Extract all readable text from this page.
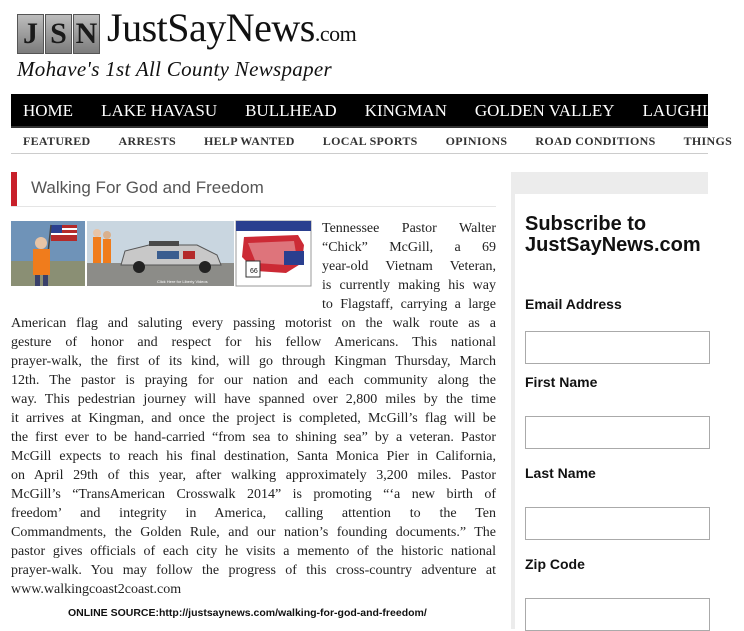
J S N JustSayNews.com
Mohave's 1st All County Newspaper
HOME LAKE HAVASU BULLHEAD KINGMAN GOLDEN VALLEY LAUGHLIN
FEATURED ARRESTS HELP WANTED LOCAL SPORTS OPINIONS ROAD CONDITIONS THINGS
Walking For God and Freedom
Click Here for Liberty Videos
66
Tennessee Pastor Walter
“Chick” McGill, a 69
year-old Vietnam Veteran,
is currently making his way
to Flagstaff, carrying a large
American flag and saluting every passing motorist on the walk route as a
gesture of honor and respect for his fellow Americans. This national
prayer-walk, the first of its kind, will go through Kingman Thursday, March
12th. The pastor is praying for our nation and each community along the
way. This pedestrian journey will have spanned over 2,800 miles by the time
it arrives at Kingman, and once the project is completed, McGill’s flag will be
the first ever to be hand-carried “from sea to shining sea” by a veteran. Pastor
McGill expects to reach his final destination, Santa Monica Pier in California,
on April 29th of this year, after walking approximately 3,200 miles. Pastor
McGill’s “TransAmerican Crosswalk 2014” is promoting “‘a new birth of
freedom’ and integrity in America, calling attention to the Ten
Commandments, the Golden Rule, and our nation’s founding documents.” The
pastor gives officials of each city he visits a memento of the historic national
prayer-walk. You may follow the progress of this cross-country adventure at
www.walkingcoast2coast.com
ONLINE SOURCE:http://justsaynews.com/walking-for-god-and-freedom/
Subscribe to JustSayNews.com
Email Address
First Name
Last Name
Zip Code
